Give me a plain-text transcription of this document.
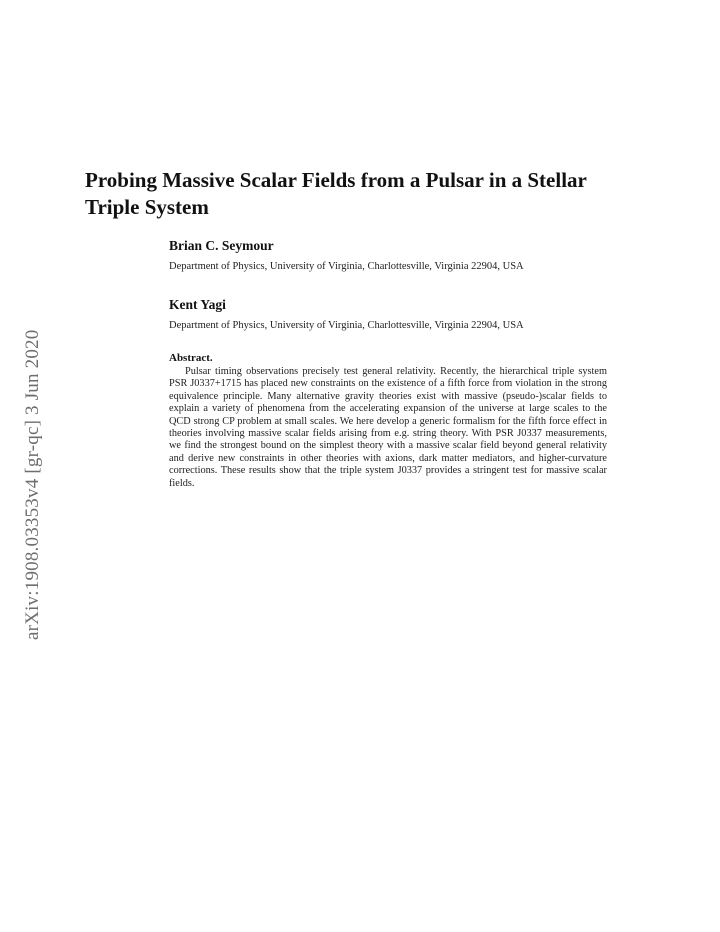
arXiv:1908.03353v4 [gr-qc] 3 Jun 2020
Probing Massive Scalar Fields from a Pulsar in a Stellar Triple System
Brian C. Seymour
Department of Physics, University of Virginia, Charlottesville, Virginia 22904, USA
Kent Yagi
Department of Physics, University of Virginia, Charlottesville, Virginia 22904, USA
Abstract.

Pulsar timing observations precisely test general relativity. Recently, the hierarchical triple system PSR J0337+1715 has placed new constraints on the existence of a fifth force from violation in the strong equivalence principle. Many alternative gravity theories exist with massive (pseudo-)scalar fields to explain a variety of phenomena from the accelerating expansion of the universe at large scales to the QCD strong CP problem at small scales. We here develop a generic formalism for the fifth force effect in theories involving massive scalar fields arising from e.g. string theory. With PSR J0337 measurements, we find the strongest bound on the simplest theory with a massive scalar field beyond general relativity and derive new constraints in other theories with axions, dark matter mediators, and higher-curvature corrections. These results show that the triple system J0337 provides a stringent test for massive scalar fields.
